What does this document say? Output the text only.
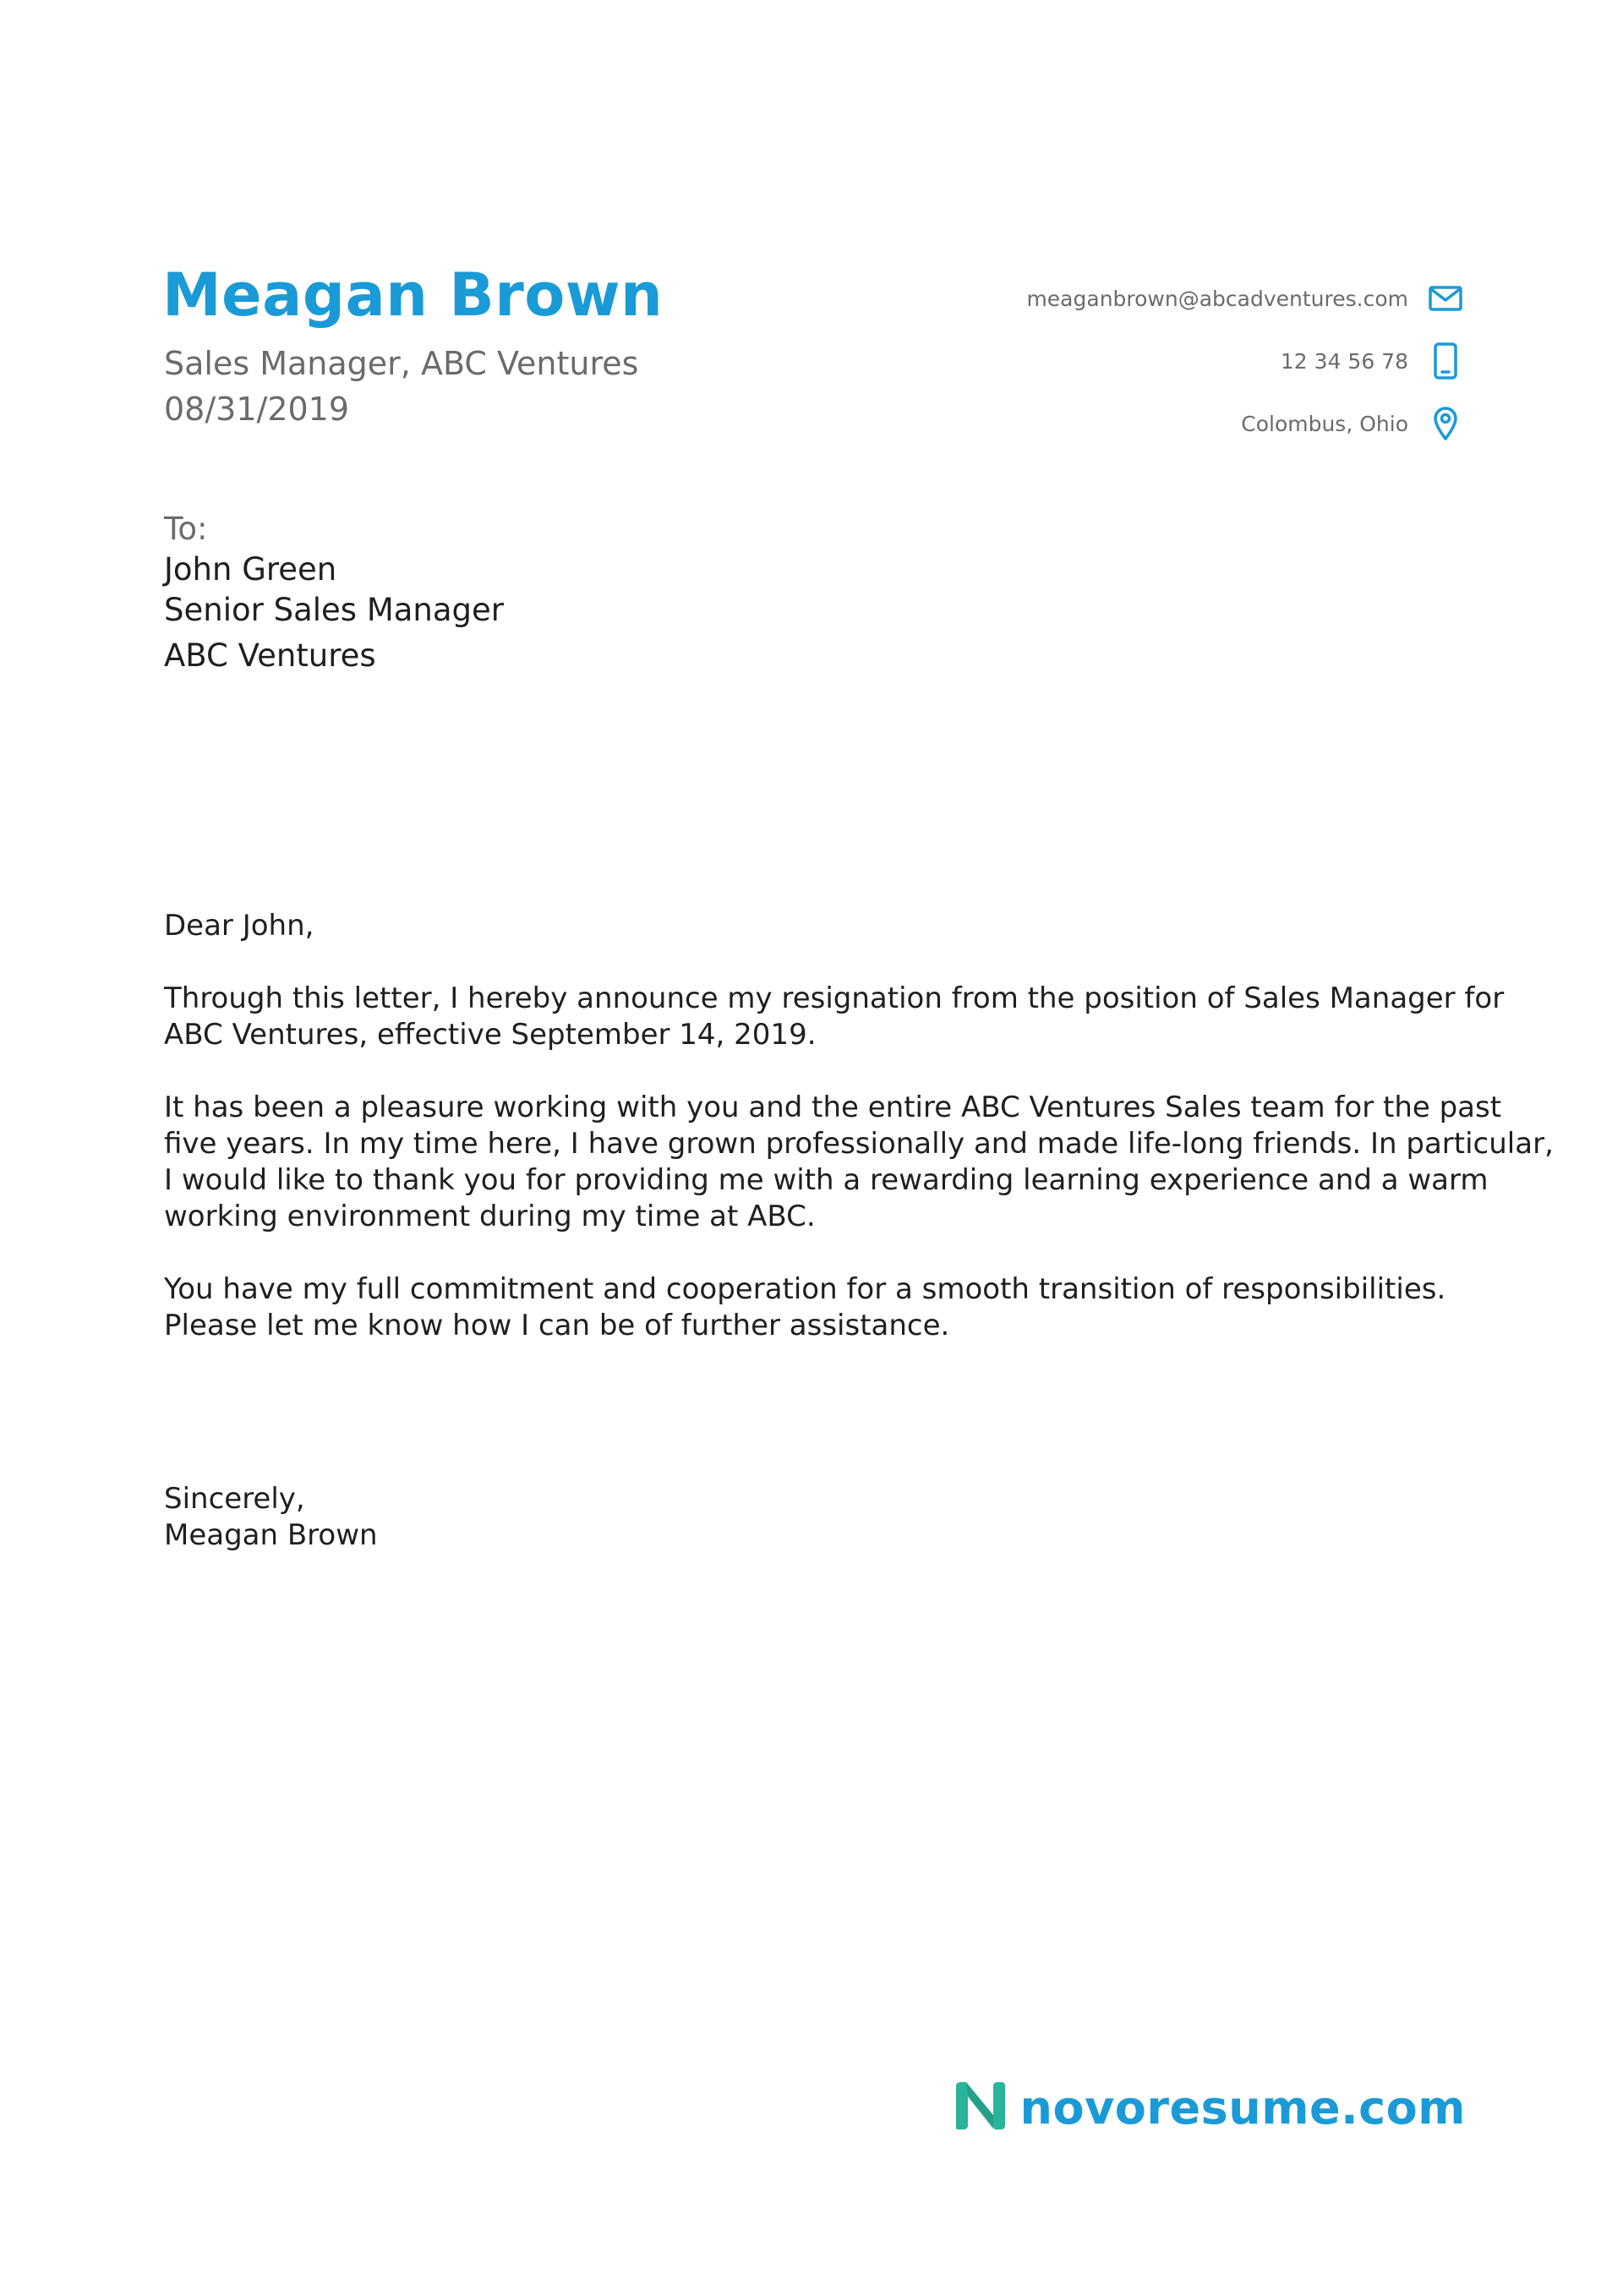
Meagan Brown
Sales Manager, ABC Ventures
08/31/2019
meaganbrown@abcadventures.com
12 34 56 78
Colombus, Ohio
To:
John Green
Senior Sales Manager
ABC Ventures

Dear John,

Through this letter, I hereby announce my resignation from the position of Sales Manager for
ABC Ventures, effective September 14, 2019.

It has been a pleasure working with you and the entire ABC Ventures Sales team for the past
five years. In my time here, I have grown professionally and made life-long friends. In particular,
I would like to thank you for providing me with a rewarding learning experience and a warm
working environment during my time at ABC.

You have my full commitment and cooperation for a smooth transition of responsibilities.
Please let me know how I can be of further assistance.

Sincerely,
Meagan Brown
novoresume.com
